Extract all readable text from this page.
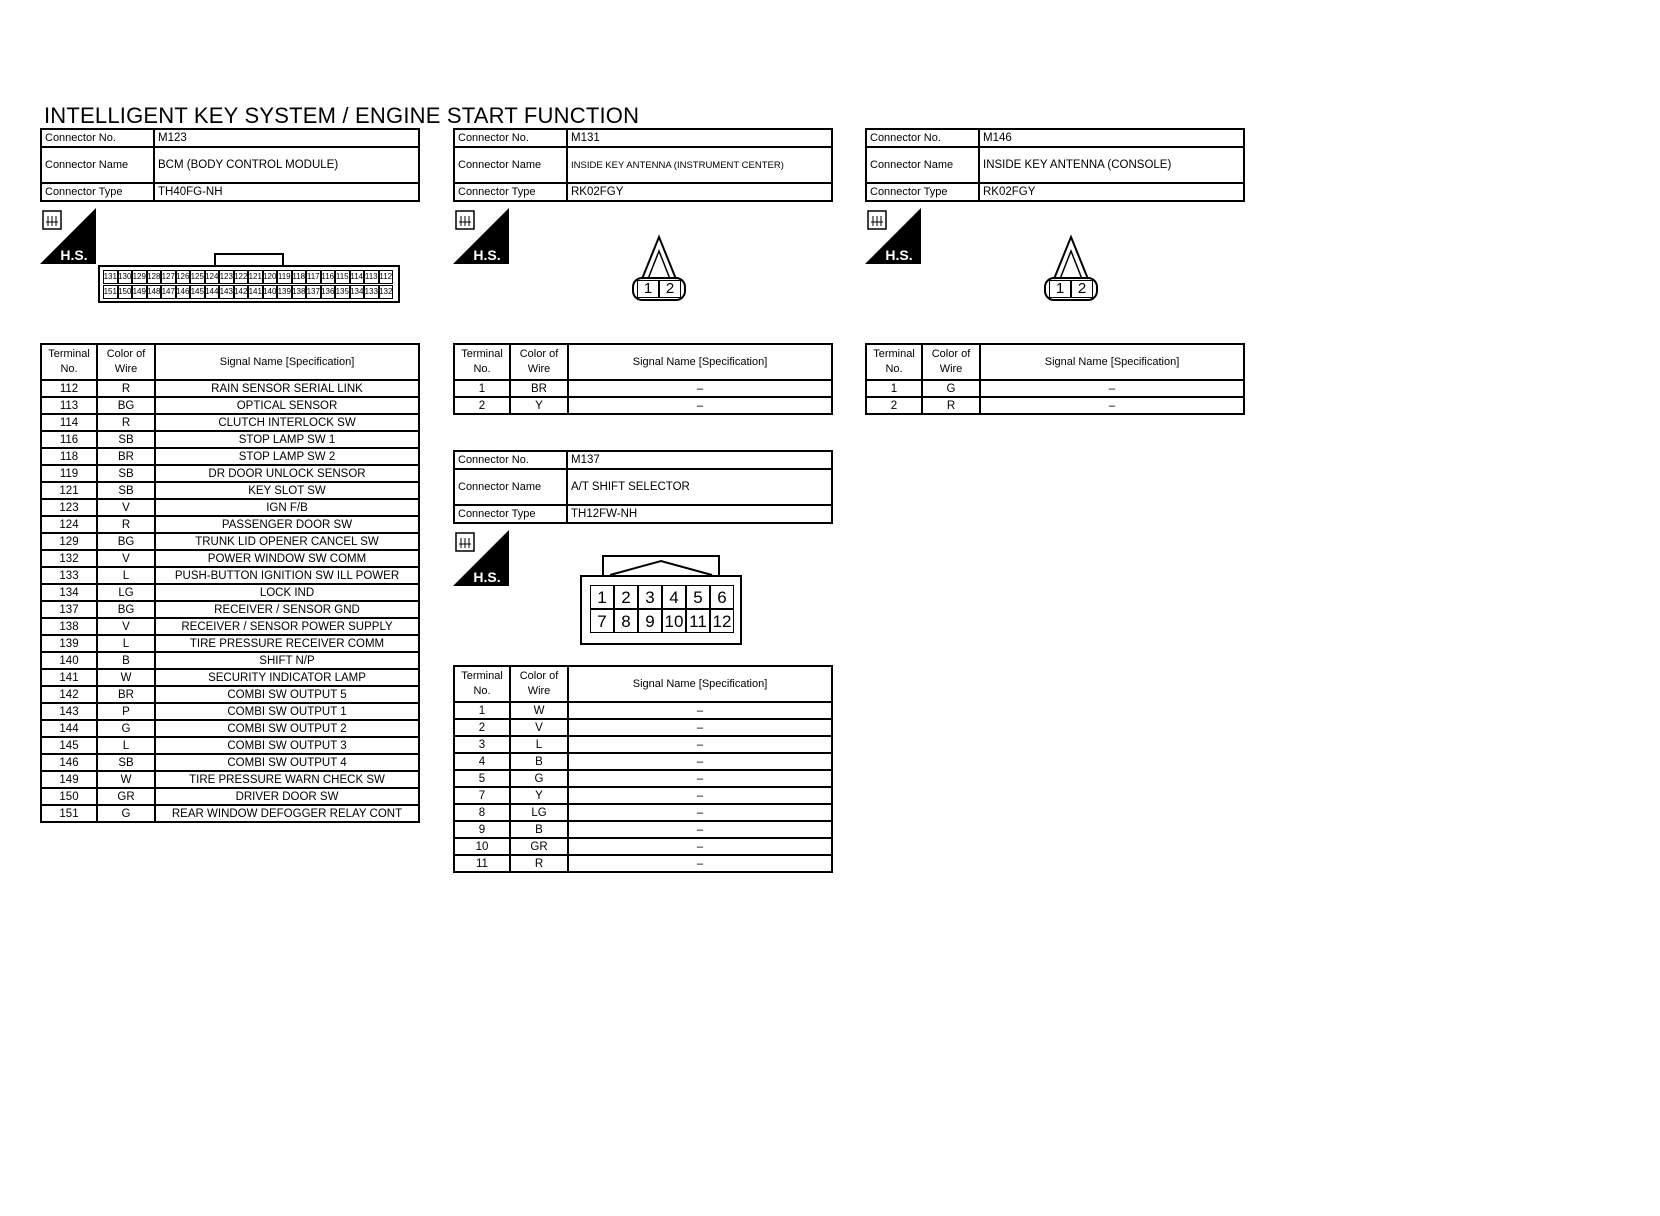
INTELLIGENT KEY SYSTEM / ENGINE START FUNCTION
Connector No.	M123
Connector Name	BCM (BODY CONTROL MODULE)
Connector Type	TH40FG-NH
H.S.
131 130 129 128 127 126 125 124 123 122 121 120 119 118 117 116 115 114 113 112
151 150 149 148 147 146 145 144 143 142 141 140 139 138 137 136 135 134 133 132
Terminal No.	Color of Wire	Signal Name [Specification]
112	R	RAIN SENSOR SERIAL LINK
113	BG	OPTICAL SENSOR
114	R	CLUTCH INTERLOCK SW
116	SB	STOP LAMP SW 1
118	BR	STOP LAMP SW 2
119	SB	DR DOOR UNLOCK SENSOR
121	SB	KEY SLOT SW
123	V	IGN F/B
124	R	PASSENGER DOOR SW
129	BG	TRUNK LID OPENER CANCEL SW
132	V	POWER WINDOW SW COMM
133	L	PUSH-BUTTON IGNITION SW ILL POWER
134	LG	LOCK IND
137	BG	RECEIVER / SENSOR GND
138	V	RECEIVER / SENSOR POWER SUPPLY
139	L	TIRE PRESSURE RECEIVER COMM
140	B	SHIFT N/P
141	W	SECURITY INDICATOR LAMP
142	BR	COMBI SW OUTPUT 5
143	P	COMBI SW OUTPUT 1
144	G	COMBI SW OUTPUT 2
145	L	COMBI SW OUTPUT 3
146	SB	COMBI SW OUTPUT 4
149	W	TIRE PRESSURE WARN CHECK SW
150	GR	DRIVER DOOR SW
151	G	REAR WINDOW DEFOGGER RELAY CONT
Connector No.	M131
Connector Name	INSIDE KEY ANTENNA (INSTRUMENT CENTER)
Connector Type	RK02FGY
H.S.
1 2
Terminal No.	Color of Wire	Signal Name [Specification]
1	BR	–
2	Y	–
Connector No.	M146
Connector Name	INSIDE KEY ANTENNA (CONSOLE)
Connector Type	RK02FGY
H.S.
1 2
Terminal No.	Color of Wire	Signal Name [Specification]
1	G	–
2	R	–
Connector No.	M137
Connector Name	A/T SHIFT SELECTOR
Connector Type	TH12FW-NH
H.S.
1 2 3 4 5 6
7 8 9 10 11 12
Terminal No.	Color of Wire	Signal Name [Specification]
1	W	–
2	V	–
3	L	–
4	B	–
5	G	–
7	Y	–
8	LG	–
9	B	–
10	GR	–
11	R	–
